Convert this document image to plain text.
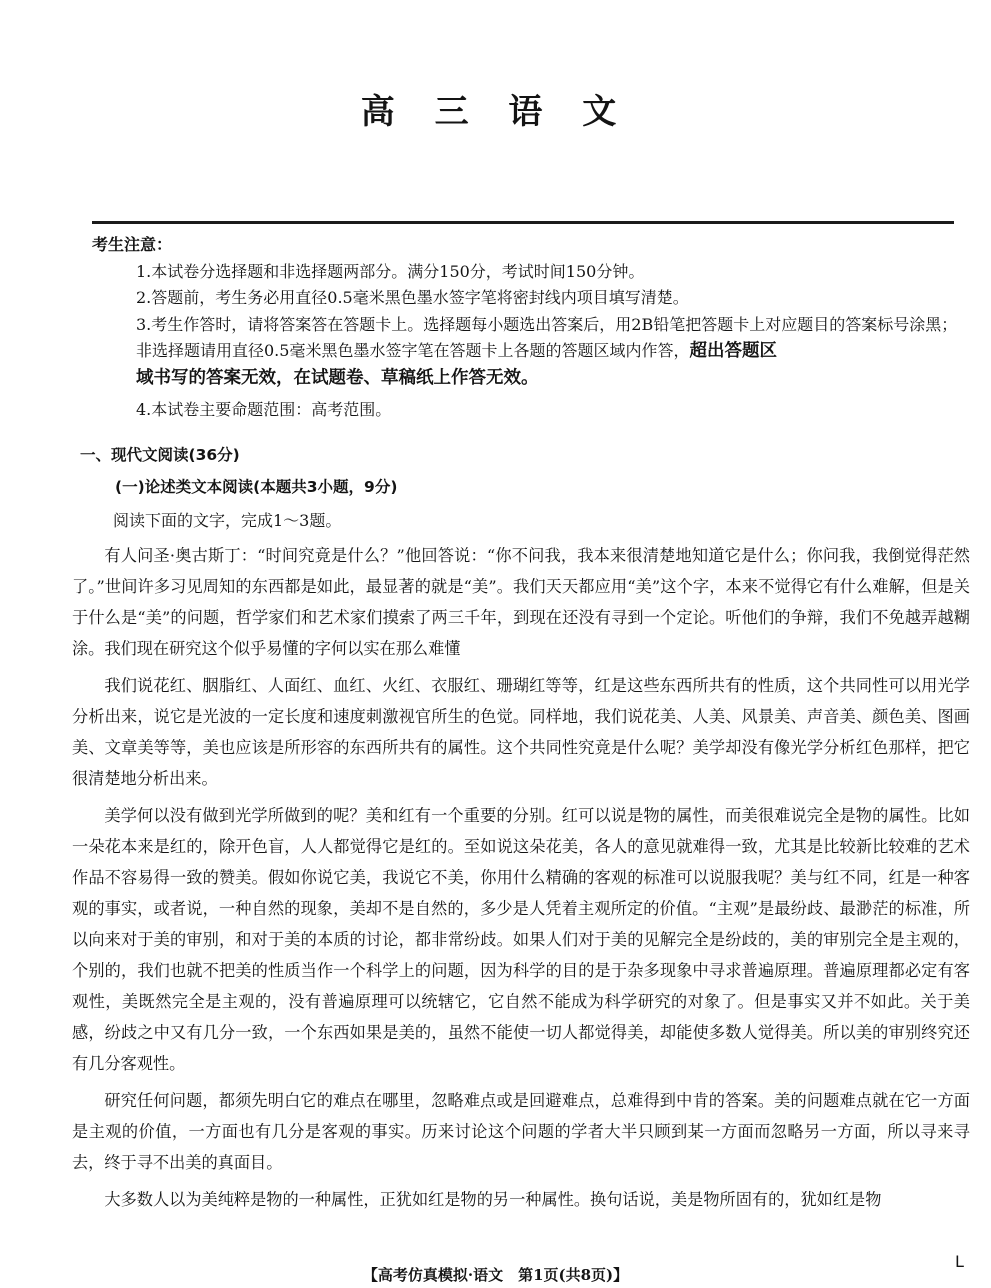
高 三 语 文
考生注意：
1.本试卷分选择题和非选择题两部分。满分150分，考试时间150分钟。
2.答题前，考生务必用直径0.5毫米黑色墨水签字笔将密封线内项目填写清楚。
3.考生作答时，请将答案答在答题卡上。选择题每小题选出答案后，用2B铅笔把答题卡上对应题目的答案标号涂黑；非选择题请用直径0.5毫米黑色墨水签字笔在答题卡上各题的答题区域内作答，超出答题区
域书写的答案无效，在试题卷、草稿纸上作答无效。
4.本试卷主要命题范围：高考范围。
一、现代文阅读(36分)
(一)论述类文本阅读(本题共3小题，9分)
阅读下面的文字，完成1～3题。

有人问圣·奥古斯丁：“时间究竟是什么？”他回答说：“你不问我，我本来很清楚地知道它是什么；你问我，我倒觉得茫然了。”世间许多习见周知的东西都是如此，最显著的就是“美”。我们天天都应用“美”这个字，本来不觉得它有什么难解，但是关于什么是“美”的问题，哲学家们和艺术家们摸索了两三千年，到现在还没有寻到一个定论。听他们的争辩，我们不免越弄越糊涂。我们现在研究这个似乎易懂的字何以实在那么难懂

我们说花红、胭脂红、人面红、血红、火红、衣服红、珊瑚红等等，红是这些东西所共有的性质，这个共同性可以用光学分析出来，说它是光波的一定长度和速度刺激视官所生的色觉。同样地，我们说花美、人美、风景美、声音美、颜色美、图画美、文章美等等，美也应该是所形容的东西所共有的属性。这个共同性究竟是什么呢？美学却没有像光学分析红色那样，把它很清楚地分析出来。

美学何以没有做到光学所做到的呢？美和红有一个重要的分别。红可以说是物的属性，而美很难说完全是物的属性。比如一朵花本来是红的，除开色盲，人人都觉得它是红的。至如说这朵花美，各人的意见就难得一致，尤其是比较新比较难的艺术作品不容易得一致的赞美。假如你说它美，我说它不美，你用什么精确的客观的标准可以说服我呢？美与红不同，红是一种客观的事实，或者说，一种自然的现象，美却不是自然的，多少是人凭着主观所定的价值。“主观”是最纷歧、最渺茫的标准，所以向来对于美的审别，和对于美的本质的讨论，都非常纷歧。如果人们对于美的见解完全是纷歧的，美的审别完全是主观的，个别的，我们也就不把美的性质当作一个科学上的问题，因为科学的目的是于杂多现象中寻求普遍原理。普遍原理都必定有客观性，美既然完全是主观的，没有普遍原理可以统辖它，它自然不能成为科学研究的对象了。但是事实又并不如此。关于美感，纷歧之中又有几分一致，一个东西如果是美的，虽然不能使一切人都觉得美，却能使多数人觉得美。所以美的审别终究还有几分客观性。

研究任何问题，都须先明白它的难点在哪里，忽略难点或是回避难点，总难得到中肯的答案。美的问题难点就在它一方面是主观的价值，一方面也有几分是客观的事实。历来讨论这个问题的学者大半只顾到某一方面而忽略另一方面，所以寻来寻去，终于寻不出美的真面目。

大多数人以为美纯粹是物的一种属性，正犹如红是物的另一种属性。换句话说，美是物所固有的，犹如红是物

【高考仿真模拟·语文　第1页(共8页)】
L
